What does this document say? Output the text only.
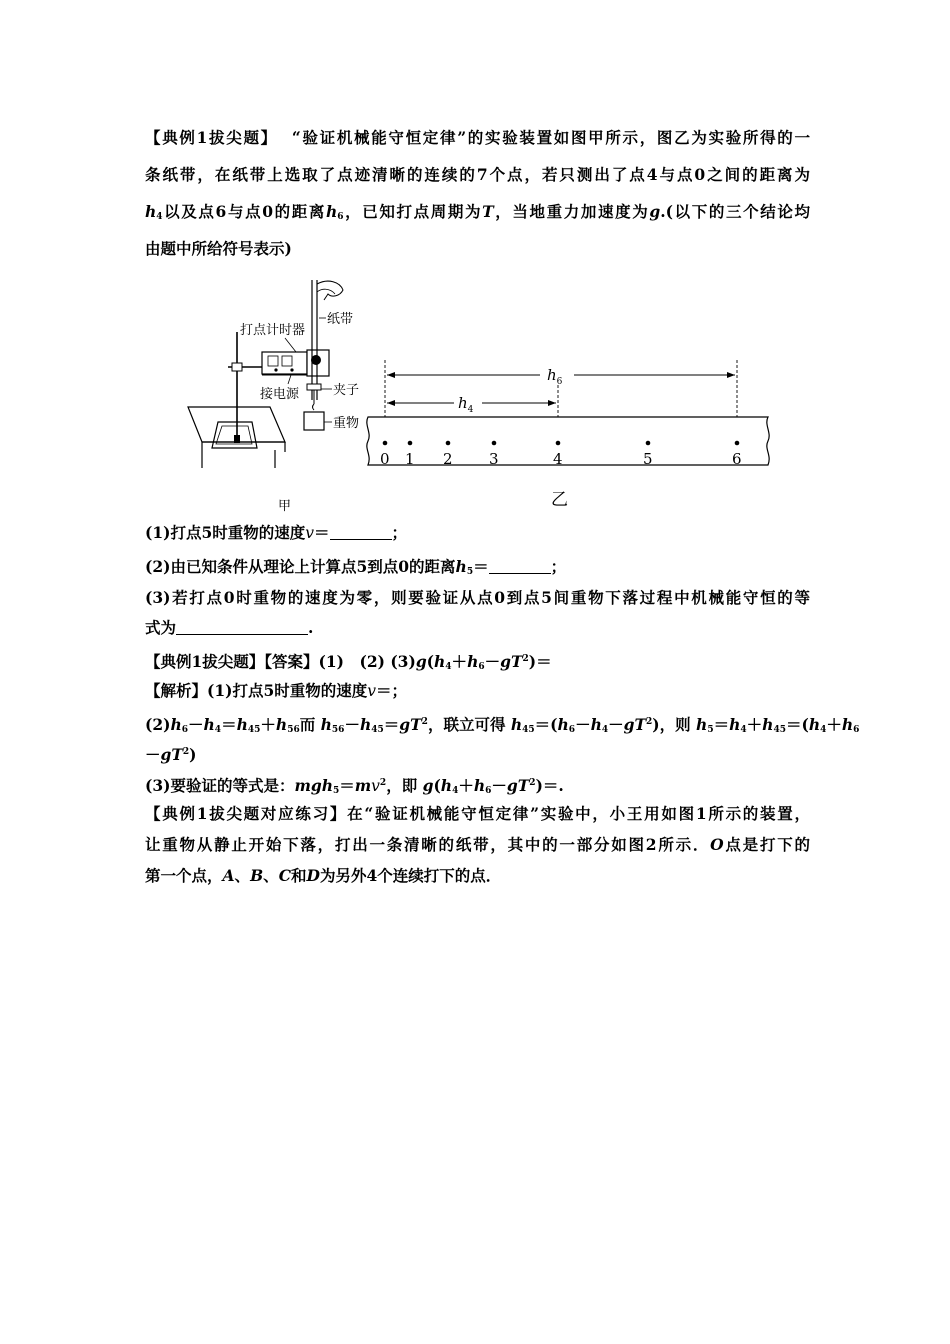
【典例1拔尖题】 “验证机械能守恒定律”的实验装置如图甲所示，图乙为实验所得的一
条纸带，在纸带上选取了点迹清晰的连续的7个点，若只测出了点4与点0之间的距离为
$h_4$以及点6与点0的距离$h_6$，已知打点周期为T，当地重力加速度为g.(以下的三个结论均
由题中所给符号表示)
纸带
打点计时器
接电源	夹子
重物
甲
$h_6$
$h_4$
0 1 2 3	4	5	6
乙
(1)打点5时重物的速度v＝	；
(2)由已知条件从理论上计算点5到点0的距离$h_5=$	；
(3)若打点0时重物的速度为零，则要验证从点0到点5间重物下落过程中机械能守恒的等
式为	.
【典例1拔尖题】【答案】(1)　(2) $(3)g(h_4+h_6-gT^2)=$
【解析】(1)打点5时重物的速度v＝；
$(2)h_6-h_4=h_{45}+h_{56}$而 $h_{56}-h_{45}=gT^2$，联立可得 $h_{45}=(h_6-h_4-gT^2)$，则 $h_5=h_4+h_{45}=(h_4+h_6$
$-gT^2$)
(3)要验证的等式是：$mgh_5=mv^2$，即 $g(h_4+h_6-gT^2)=$.
【典例1拔尖题对应练习】在“验证机械能守恒定律”实验中，小王用如图1所示的装置，
让重物从静止开始下落，打出一条清晰的纸带，其中的一部分如图2所示．O点是打下的
第一个点，A、B、C和D为另外4个连续打下的点．
